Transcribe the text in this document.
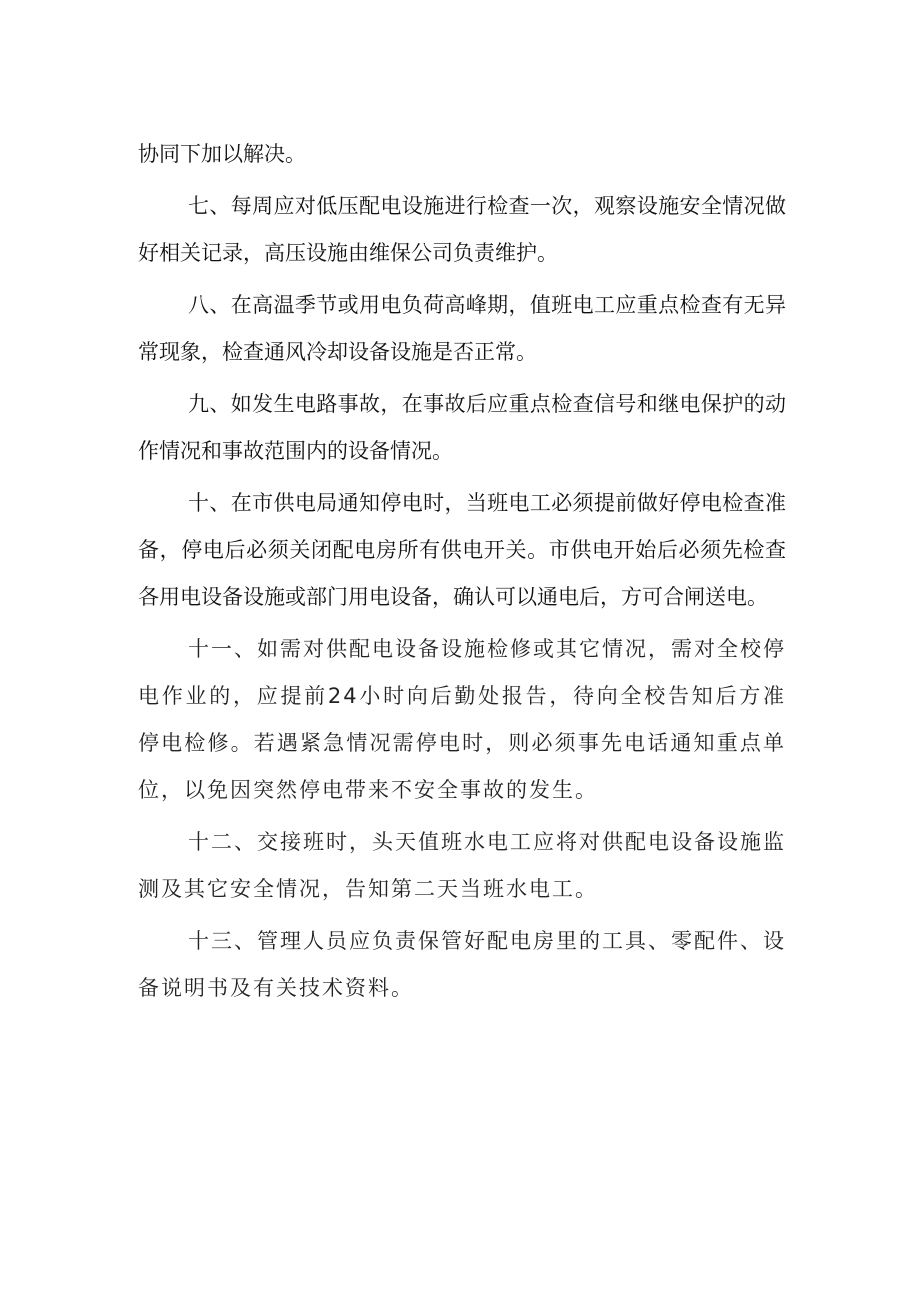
协同下加以解决。

七、每周应对低压配电设施进行检查一次，观察设施安全情况做好相关记录，高压设施由维保公司负责维护。

八、在高温季节或用电负荷高峰期，值班电工应重点检查有无异常现象，检查通风冷却设备设施是否正常。

九、如发生电路事故，在事故后应重点检查信号和继电保护的动作情况和事故范围内的设备情况。

十、在市供电局通知停电时，当班电工必须提前做好停电检查准备，停电后必须关闭配电房所有供电开关。市供电开始后必须先检查各用电设备设施或部门用电设备，确认可以通电后，方可合闸送电。

十一、如需对供配电设备设施检修或其它情况，需对全校停电作业的，应提前24小时向后勤处报告，待向全校告知后方准停电检修。若遇紧急情况需停电时，则必须事先电话通知重点单位，以免因突然停电带来不安全事故的发生。

十二、交接班时，头天值班水电工应将对供配电设备设施监测及其它安全情况，告知第二天当班水电工。

十三、管理人员应负责保管好配电房里的工具、零配件、设备说明书及有关技术资料。
